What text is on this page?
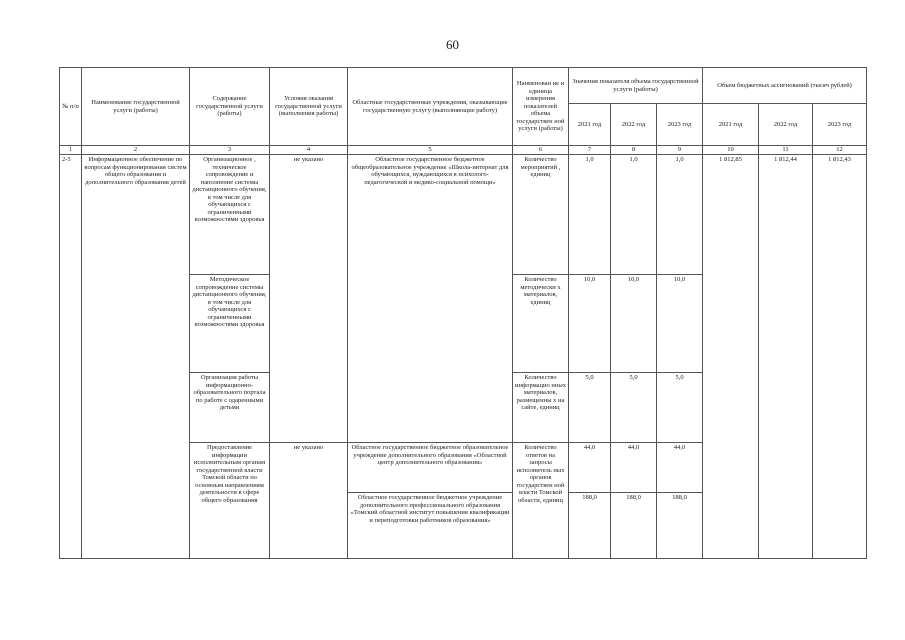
60
№ п/п	Наименование государственной услуги (работы)	Содержание государственной услуги (работы)	Условия оказания государственной услуги (выполнения работы)	Областные государственные учреждения, оказывающие государственную услугу (выполняющие работу)	Наименован ие и единица измерения показателей объема государствен ной услуги (работы)	Значения показателя объема государственной услуги (работы)			Объем бюджетных ассигнований (тысяч рублей)		
						2021 год	2022 год	2023 год	2021 год	2022 год	2023 год
1	2	3	4	5	6	7	8	9	10	11	12
2-5	Информационное обеспечение по вопросам функционирования систем общего образования и дополнительного образования детей	Организационное , техническое сопровождение и наполнение системы дистанционного обучения, в том числе для обучающихся с ограниченными возможностями здоровья	не указано	Областное государственное бюджетное общеобразовательное учреждение «Школа-интернат для обучающихся, нуждающихся в психолого-педагогической и медико-социальной помощи»	Количество мероприятий , единиц	1,0	1,0	1,0	1 812,85	1 812,44	1 812,43
		Методическое сопровождение системы дистанционного обучения, в том числе для обучающихся с ограниченными возможностями здоровья			Количество методически х материалов, единиц	10,0	10,0	10,0			
		Организация работы информационно-образовательного портала по работе с одаренными детьми			Количество информацио нных материалов, размещенны х на сайте, единиц	5,0	5,0	5,0			
		Предоставление информации исполнительным органам государственной власти Томской области по основным направлениям деятельности в сфере общего образования	не указано	Областное государственное бюджетное образовательное учреждение дополнительного образования «Областной центр дополнительного образования»	Количество ответов на запросы исполнитель ных органов государствен ной власти Томской области, единиц	44,0	44,0	44,0			
				Областное государственное бюджетное учреждение дополнительного профессионального образования «Томский областной институт повышения квалификации и переподготовки работников образования»		188,0	188,0	188,0			
